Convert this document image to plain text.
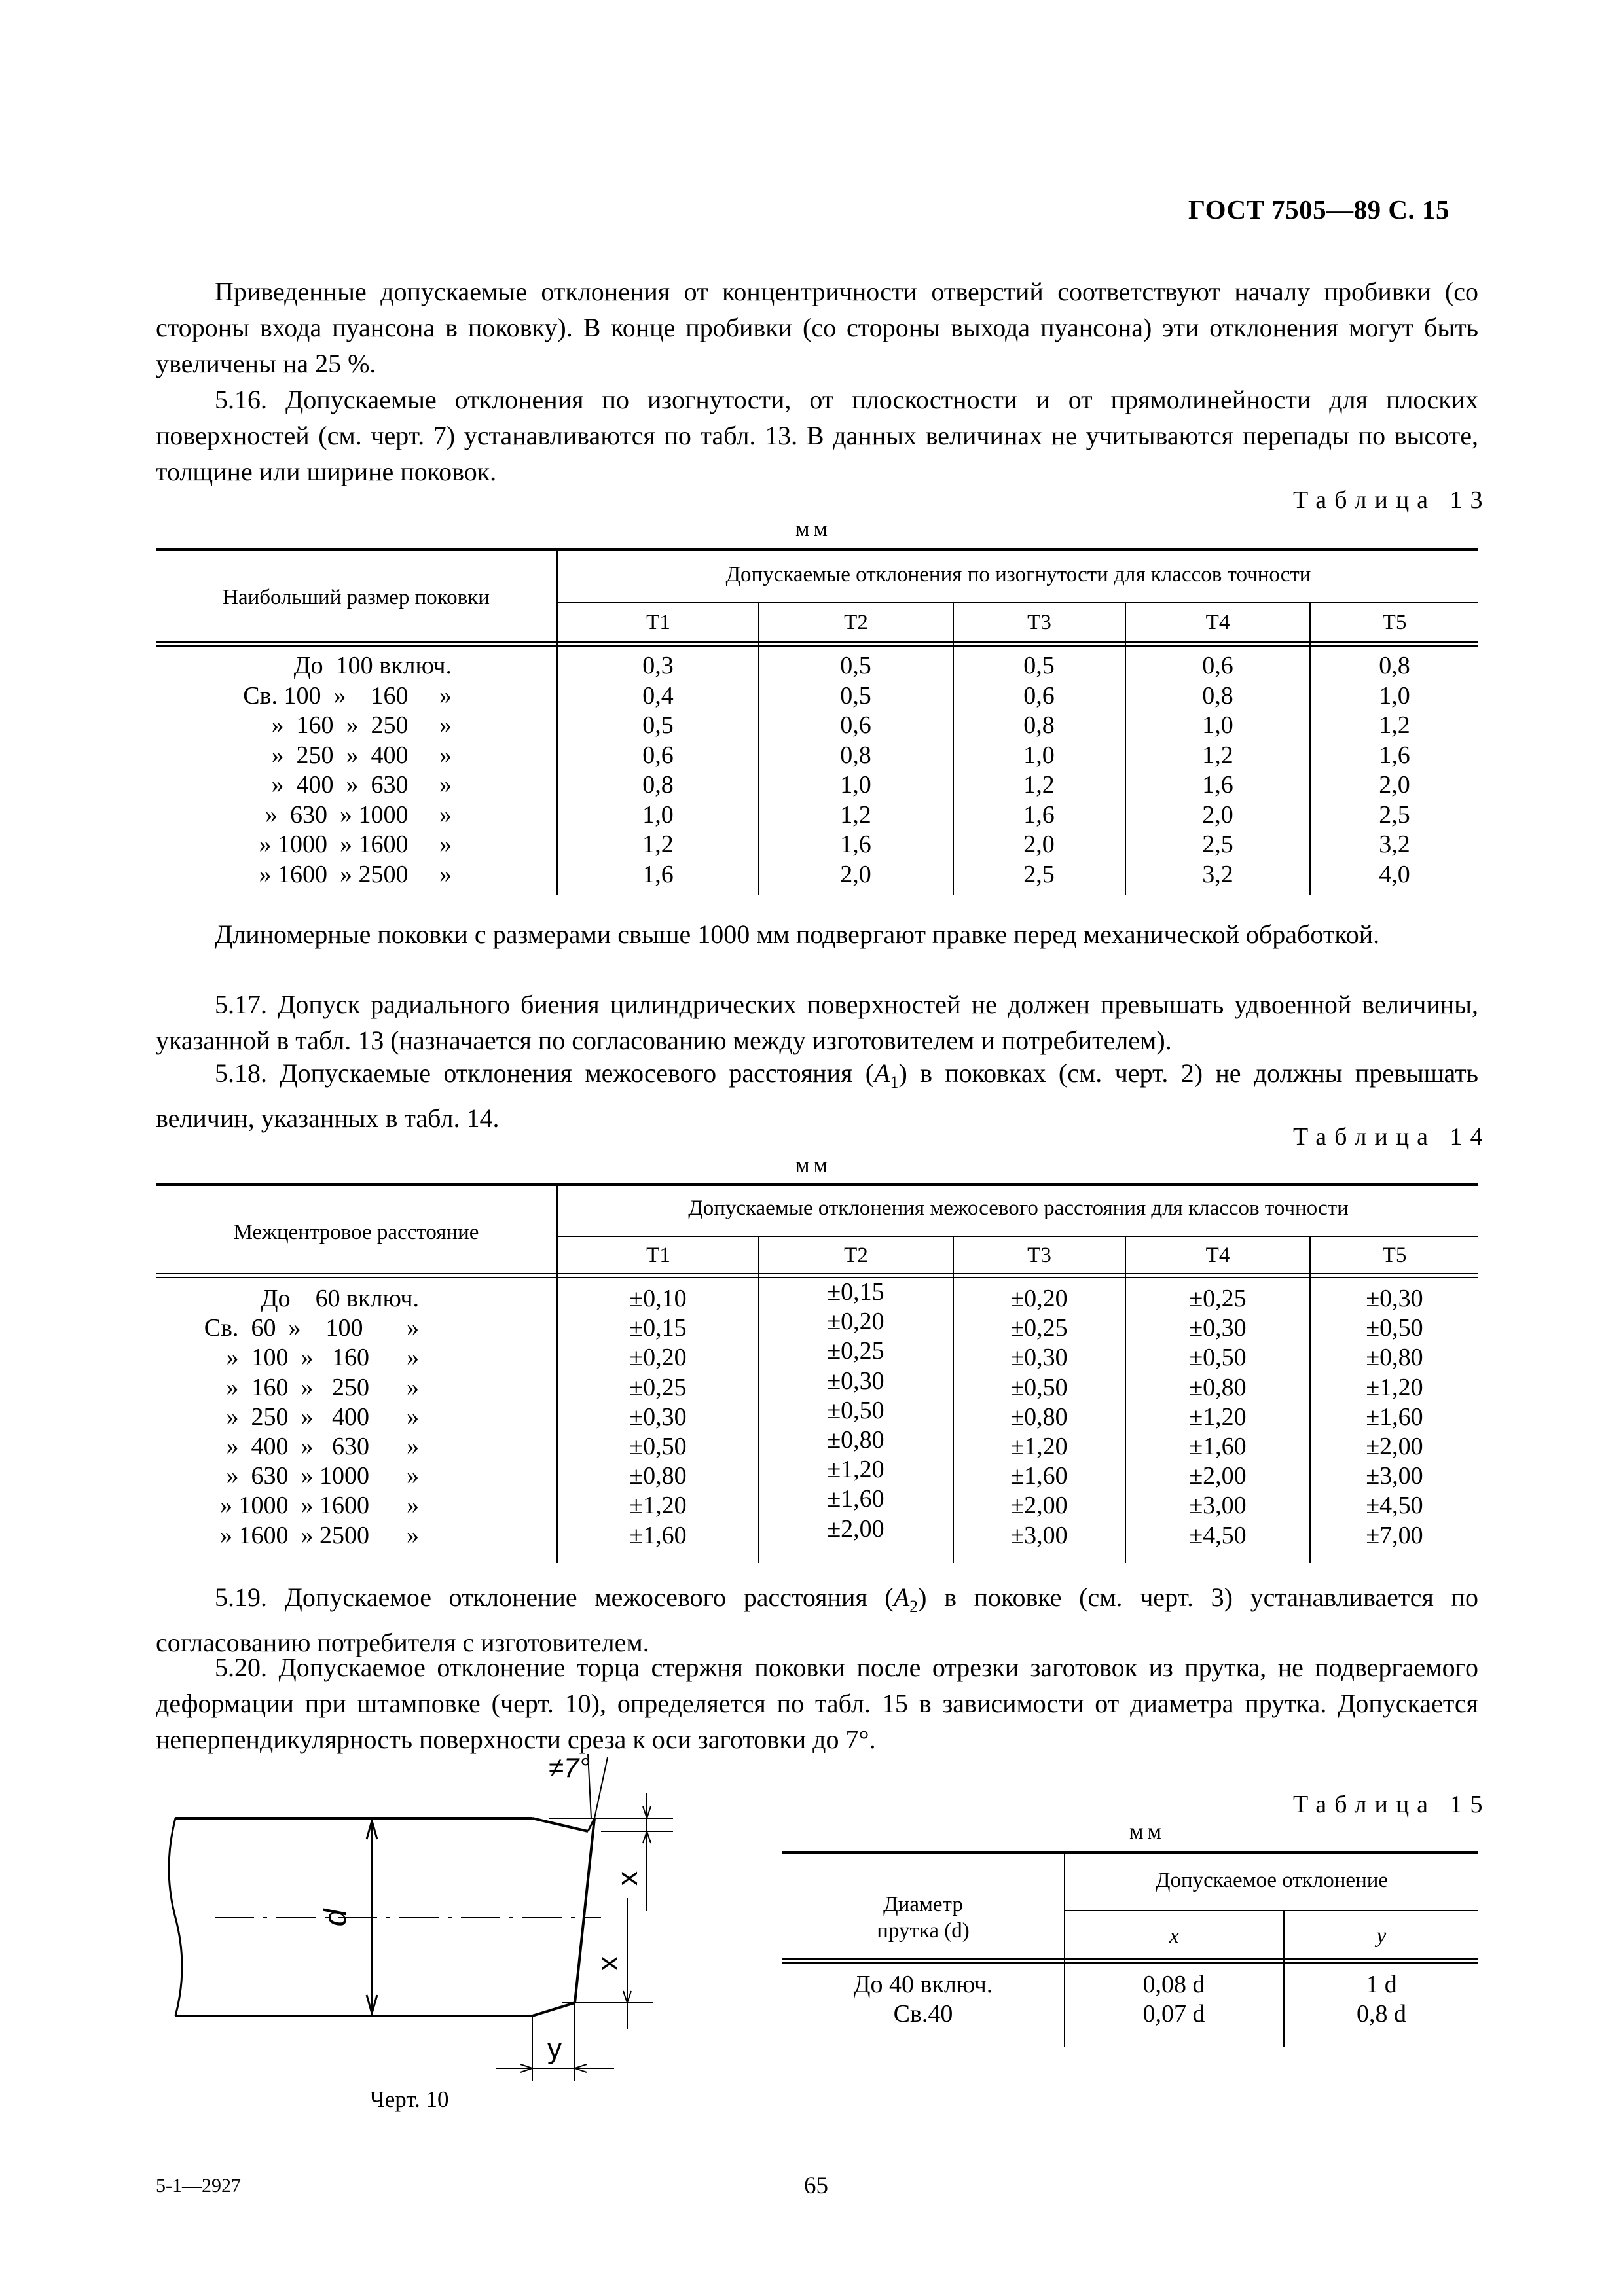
ГОСТ 7505—89 С. 15
Приведенные допускаемые отклонения от концентричности отверстий соответствуют началу пробивки (со стороны входа пуансона в поковку). В конце пробивки (со стороны выхода пуансона) эти отклонения могут быть увеличены на 25 %.
5.16. Допускаемые отклонения по изогнутости, от плоскостности и от прямолинейности для плоских поверхностей (см. черт. 7) устанавливаются по табл. 13. В данных величинах не учитываются перепады по высоте, толщине или ширине поковок.
Таблица 13
мм
Наибольший размер поковки
Допускаемые отклонения по изогнутости для классов точности
T1	T2	T3	T4	T5
До  100 включ.	0,3	0,5	0,5	0,6	0,8
Св. 100  »    160     »	0,4	0,5	0,6	0,8	1,0
»  160  »  250     »	0,5	0,6	0,8	1,0	1,2
»  250  »  400     »	0,6	0,8	1,0	1,2	1,6
»  400  »  630     »	0,8	1,0	1,2	1,6	2,0
»  630  » 1000     »	1,0	1,2	1,6	2,0	2,5
» 1000  » 1600     »	1,2	1,6	2,0	2,5	3,2
» 1600  » 2500     »	1,6	2,0	2,5	3,2	4,0
Длиномерные поковки с размерами свыше 1000 мм подвергают правке перед механической обработкой.
5.17. Допуск радиального биения цилиндрических поверхностей не должен превышать удвоенной величины, указанной в табл. 13 (назначается по согласованию между изготовителем и потребителем).
5.18. Допускаемые отклонения межосевого расстояния $(A_1)$ в поковках (см. черт. 2) не должны превышать величин, указанных в табл. 14.
Таблица 14
мм
Межцентровое расстояние
Допускаемые отклонения межосевого расстояния для классов точности
T1	T2	T3	T4	T5
До    60 включ.	±0,10	±0,15	±0,20	±0,25	±0,30
Св.  60  »    100       »	±0,15	±0,20	±0,25	±0,30	±0,50
»  100  »   160      »	±0,20	±0,25	±0,30	±0,50	±0,80
»  160  »   250      »	±0,25	±0,30	±0,50	±0,80	±1,20
»  250  »   400      »	±0,30	±0,50	±0,80	±1,20	±1,60
»  400  »   630      »	±0,50	±0,80	±1,20	±1,60	±2,00
»  630  » 1000      »	±0,80	±1,20	±1,60	±2,00	±3,00
» 1000  » 1600      »	±1,20	±1,60	±2,00	±3,00	±4,50
» 1600  » 2500      »	±1,60	±2,00	±3,00	±4,50	±7,00
5.19. Допускаемое отклонение межосевого расстояния $(A_2)$ в поковке (см. черт. 3) устанавливается по согласованию потребителя с изготовителем.
5.20. Допускаемое отклонение торца стержня поковки после отрезки заготовок из прутка, не подвергаемого деформации при штамповке (черт. 10), определяется по табл. 15 в зависимости от диаметра прутка. Допускается неперпендикулярность поверхности среза к оси заготовки до 7°.
d
≠7°
x
x
y
Черт. 10
Таблица 15
мм
Диаметр
прутка (d)
Допускаемое отклонение
x	y
До 40 включ.	0,08 d	1 d
Св.40	0,07 d	0,8 d
5-1—2927	65
